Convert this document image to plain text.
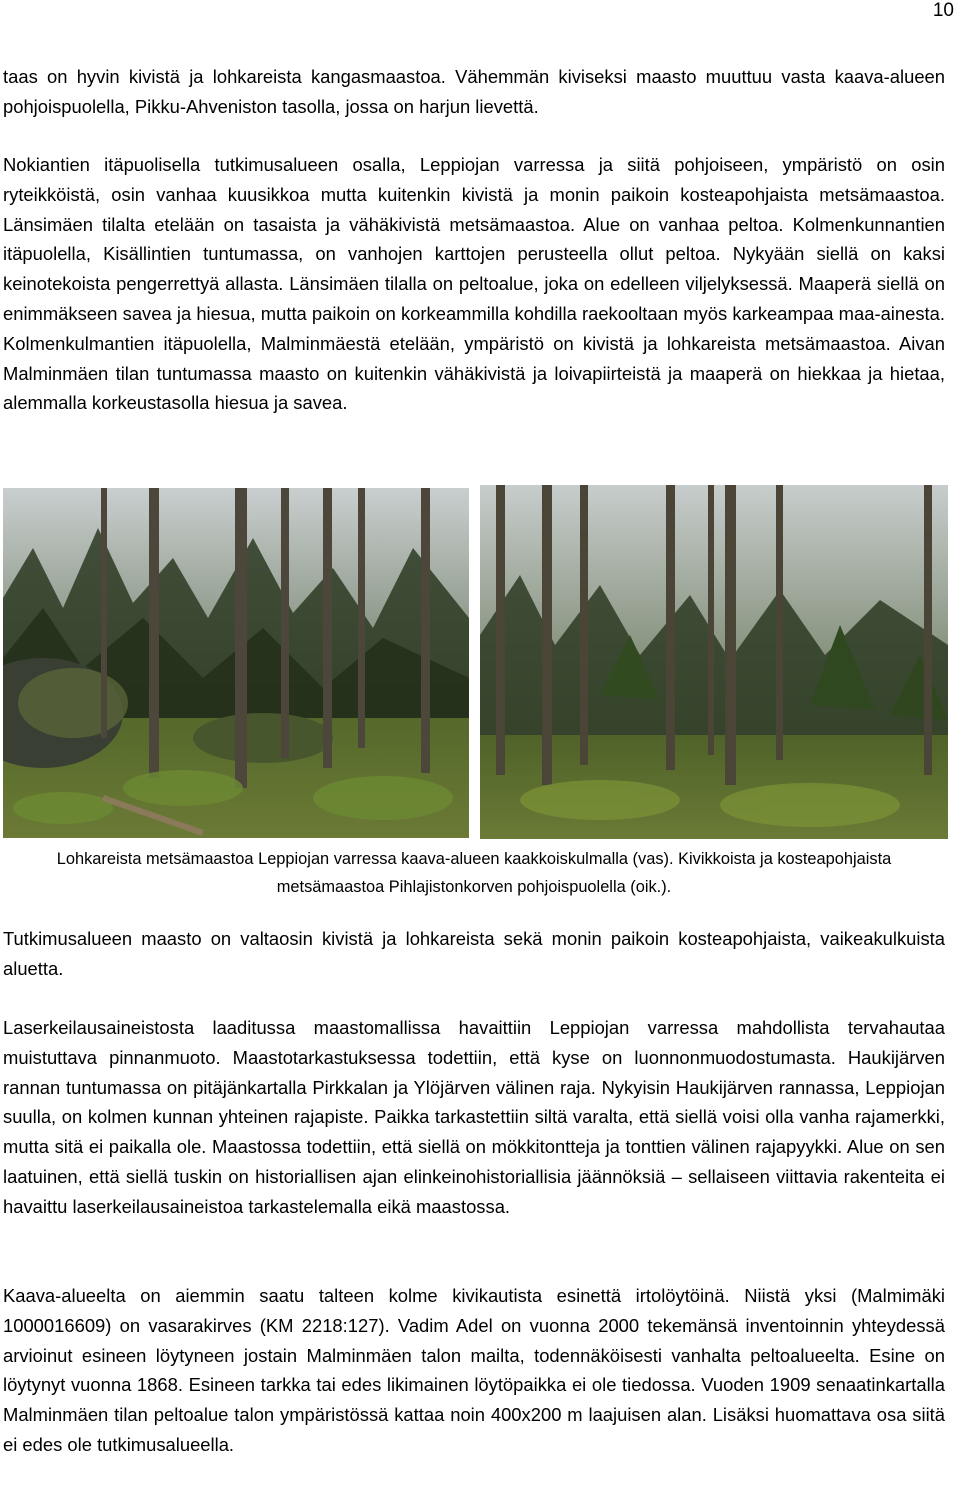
10

taas on hyvin kivistä ja lohkareista kangasmaastoa. Vähemmän kiviseksi maasto muuttuu vasta kaava-alueen pohjoispuolella, Pikku-Ahveniston tasolla, jossa on harjun lievettä.

Nokiantien itäpuolisella tutkimusalueen osalla, Leppiojan varressa ja siitä pohjoiseen, ympäristö on osin ryteikköistä, osin vanhaa kuusikkoa mutta kuitenkin kivistä ja monin paikoin kosteapohjaista metsämaastoa. Länsimäen tilalta etelään on tasaista ja vähäkivistä metsämaastoa. Alue on vanhaa peltoa. Kolmenkunnantien itäpuolella, Kisällintien tuntumassa, on vanhojen karttojen perusteella ollut peltoa. Nykyään siellä on kaksi keinotekoista pengerrettyä allasta. Länsimäen tilalla on peltoalue, joka on edelleen viljelyksessä. Maaperä siellä on enimmäkseen savea ja hiesua, mutta paikoin on korkeammilla kohdilla raekooltaan myös karkeampaa maa-ainesta. Kolmenkulmantien itäpuolella, Malminmäestä etelään, ympäristö on kivistä ja lohkareista metsämaastoa. Aivan Malminmäen tilan tuntumassa maasto on kuitenkin vähäkivistä ja loivapiirteistä ja maaperä on hiekkaa ja hietaa, alemmalla korkeustasolla hiesua ja savea.

Lohkareista metsämaastoa Leppiojan varressa kaava-alueen kaakkoiskulmalla (vas). Kivikkoista ja kosteapohjaista metsämaastoa Pihlajistonkorven pohjoispuolella (oik.).

Tutkimusalueen maasto on valtaosin kivistä ja lohkareista sekä monin paikoin kosteapohjaista, vaikeakulkuista aluetta.

Laserkeilausaineistosta laaditussa maastomallissa havaittiin Leppiojan varressa mahdollista tervahautaa muistuttava pinnanmuoto. Maastotarkastuksessa todettiin, että kyse on luonnonmuodostumasta. Haukijärven rannan tuntumassa on pitäjänkartalla Pirkkalan ja Ylöjärven välinen raja. Nykyisin Haukijärven rannassa, Leppiojan suulla, on kolmen kunnan yhteinen rajapiste. Paikka tarkastettiin siltä varalta, että siellä voisi olla vanha rajamerkki, mutta sitä ei paikalla ole. Maastossa todettiin, että siellä on mökkitontteja ja tonttien välinen rajapyykki. Alue on sen laatuinen, että siellä tuskin on historiallisen ajan elinkeinohistoriallisia jäännöksiä – sellaiseen viittavia rakenteita ei havaittu laserkeilausaineistoa tarkastelemalla eikä maastossa.

Kaava-alueelta on aiemmin saatu talteen kolme kivikautista esinettä irtolöytöinä. Niistä yksi (Malmimäki 1000016609) on vasarakirves (KM 2218:127). Vadim Adel on vuonna 2000 tekemänsä inventoinnin yhteydessä arvioinut esineen löytyneen jostain Malminmäen talon mailta, todennäköisesti vanhalta peltoalueelta. Esine on löytynyt vuonna 1868. Esineen tarkka tai edes likimainen löytöpaikka ei ole tiedossa. Vuoden 1909 senaatinkartalla Malminmäen tilan peltoalue talon ympäristössä kattaa noin 400x200 m laajuisen alan. Lisäksi huomattava osa siitä ei edes ole tutkimusalueella.
